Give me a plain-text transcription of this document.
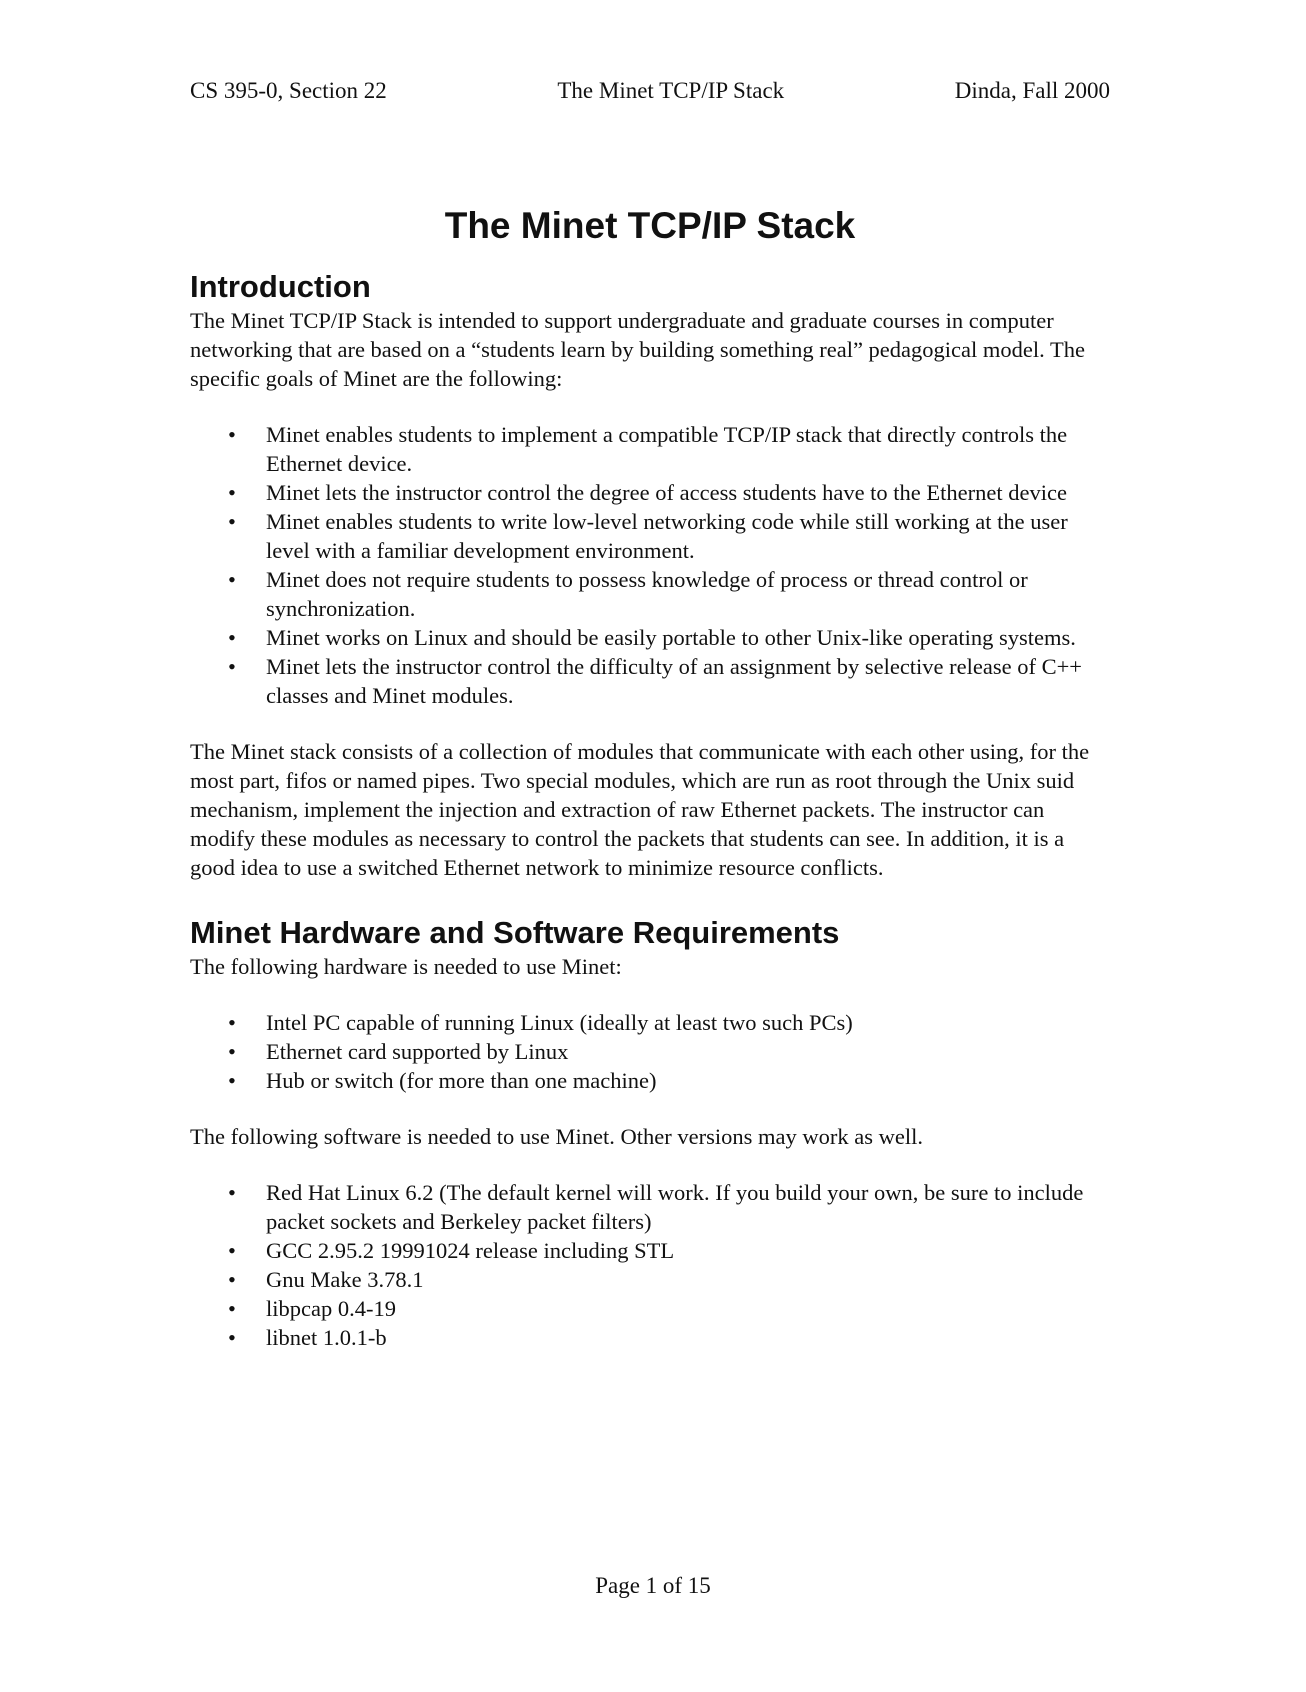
CS 395-0, Section 22	The Minet TCP/IP Stack	Dinda, Fall 2000
The Minet TCP/IP Stack
Introduction

The Minet TCP/IP Stack is intended to support undergraduate and graduate courses in computer networking that are based on a “students learn by building something real” pedagogical model. The specific goals of Minet are the following:

• Minet enables students to implement a compatible TCP/IP stack that directly controls the Ethernet device.
• Minet lets the instructor control the degree of access students have to the Ethernet device
• Minet enables students to write low-level networking code while still working at the user level with a familiar development environment.
• Minet does not require students to possess knowledge of process or thread control or synchronization.
• Minet works on Linux and should be easily portable to other Unix-like operating systems.
• Minet lets the instructor control the difficulty of an assignment by selective release of C++ classes and Minet modules.

The Minet stack consists of a collection of modules that communicate with each other using, for the most part, fifos or named pipes. Two special modules, which are run as root through the Unix suid mechanism, implement the injection and extraction of raw Ethernet packets. The instructor can modify these modules as necessary to control the packets that students can see. In addition, it is a good idea to use a switched Ethernet network to minimize resource conflicts.

Minet Hardware and Software Requirements

The following hardware is needed to use Minet:

• Intel PC capable of running Linux (ideally at least two such PCs)
• Ethernet card supported by Linux
• Hub or switch (for more than one machine)

The following software is needed to use Minet. Other versions may work as well.

• Red Hat Linux 6.2 (The default kernel will work. If you build your own, be sure to include packet sockets and Berkeley packet filters)
• GCC 2.95.2 19991024 release including STL
• Gnu Make 3.78.1
• libpcap 0.4-19
• libnet 1.0.1-b
Page 1 of 15
